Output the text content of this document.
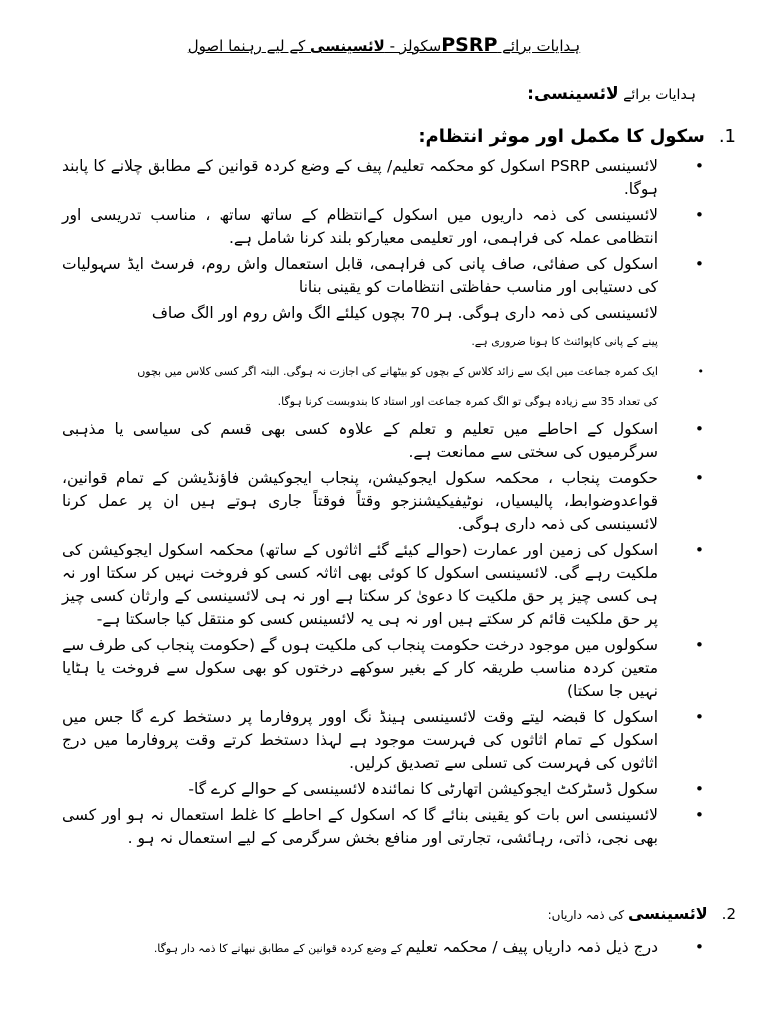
ہدایات برائے PSRPسکولز - لائسینسی کے لیے رہنما اصول
ہدایات برائے لائسینسی:
1.
سکول کا مکمل اور موثر انتظام:
• لائسینسی PSRP اسکول کو محکمہ تعلیم/ پیف کے وضع کردہ قوانین کے مطابق چلانے کا پابند ہوگا.
• لائسینسی کی ذمہ داریوں میں اسکول کےانتظام کے ساتھ ساتھ ، مناسب تدریسی اور انتظامی عملہ کی فراہمی، اور تعلیمی معیارکو بلند کرنا شامل ہے.
• اسکول کی صفائی، صاف پانی کی فراہمی، قابل استعمال واش روم، فرسٹ ایڈ سہولیات کی دستیابی اور مناسب حفاظتی انتظامات کو یقینی بنانا
لائسینسی کی ذمہ داری ہوگی. ہر 70 بچوں کیلئے الگ واش روم اور الگ صاف
پینے کے پانی کاپوائنٹ کا ہونا ضروری ہے.
• ایک کمرہ جماعت میں ایک سے زائد کلاس کے بچوں کو بیٹھانے کی اجازت نہ ہوگی. البتہ اگر کسی کلاس میں بچوں
کی تعداد 35 سے زیادہ ہوگی تو الگ کمرہ جماعت اور استاد کا بندوبست کرنا ہوگا.
• اسکول کے احاطے میں تعلیم و تعلم کے علاوہ کسی بھی قسم کی سیاسی یا مذہبی سرگرمیوں کی سختی سے ممانعت ہے.
• حکومت پنجاب ، محکمہ سکول ایجوکیشن، پنجاب ایجوکیشن فاؤنڈیشن کے تمام قوانین، قواعدوضوابط، پالیسیاں، نوٹیفیکیشنزجو وقتاً فوقتاً جاری ہوتے ہیں ان پر عمل کرنا لائسینسی کی ذمہ داری ہوگی.
• اسکول کی زمین اور عمارت (حوالے کیئے گئے اثاثوں کے ساتھ) محکمہ اسکول ایجوکیشن کی ملکیت رہے گی. لائسینسی اسکول کا کوئی بھی اثاثہ کسی کو فروخت نہیں کر سکتا اور نہ ہی کسی چیز پر حق ملکیت کا دعویٰ کر سکتا ہے اور نہ ہی لائسینسی کے وارثان کسی چیز پر حق ملکیت قائم کر سکتے ہیں اور نہ ہی یہ لائسینس کسی کو منتقل کیا جاسکتا ہے-
• سکولوں میں موجود درخت حکومت پنجاب کی ملکیت ہوں گے (حکومت پنجاب کی طرف سے متعین کردہ مناسب طریقہ کار کے بغیر سوکھے درختوں کو بھی سکول سے فروخت یا ہٹایا نہیں جا سکتا)
• اسکول کا قبضہ لیتے وقت لائسینسی ہینڈ نگ اوور پروفارما پر دستخط کرے گا جس میں اسکول کے تمام اثاثوں کی فہرست موجود ہے لہذا دستخط کرتے وقت پروفارما میں درج اثاثوں کی فہرست کی تسلی سے تصدیق کرلیں.
• سکول ڈسٹرکٹ ایجوکیشن اتھارٹی کا نمائندہ لائسینسی کے حوالے کرے گا-
• لائسینسی اس بات کو یقینی بنائے گا کہ اسکول کے احاطے کا غلط استعمال نہ ہو اور کسی بھی نجی، ذاتی، رہائشی، تجارتی اور منافع بخش سرگرمی کے لیے استعمال نہ ہو .
2.
لائسینسی کی ذمہ داریاں:
• درج ذیل ذمہ داریاں پیف / محکمہ تعلیم کے وضع کردہ قوانین کے مطابق نبھانے کا ذمہ دار ہوگا.
